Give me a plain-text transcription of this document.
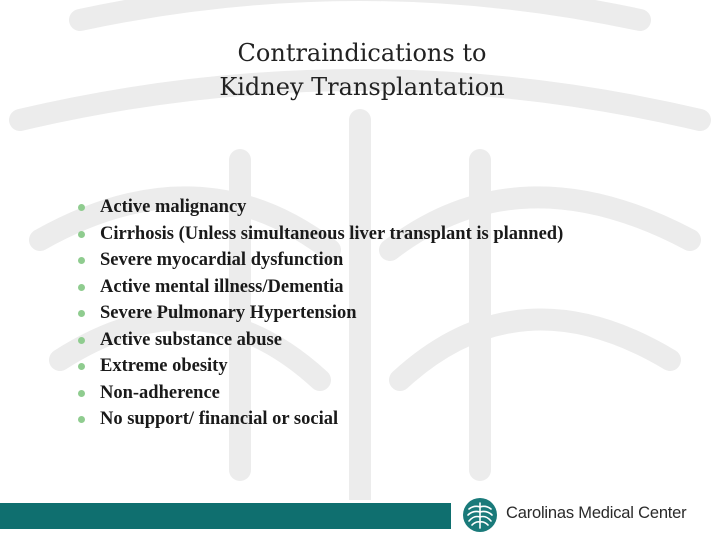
Contraindications to
Kidney Transplantation
Active malignancy
Cirrhosis (Unless simultaneous liver transplant is planned)
Severe myocardial dysfunction
Active mental illness/Dementia
Severe Pulmonary Hypertension
Active substance abuse
Extreme obesity
Non-adherence
No support/ financial or social
Carolinas Medical Center
